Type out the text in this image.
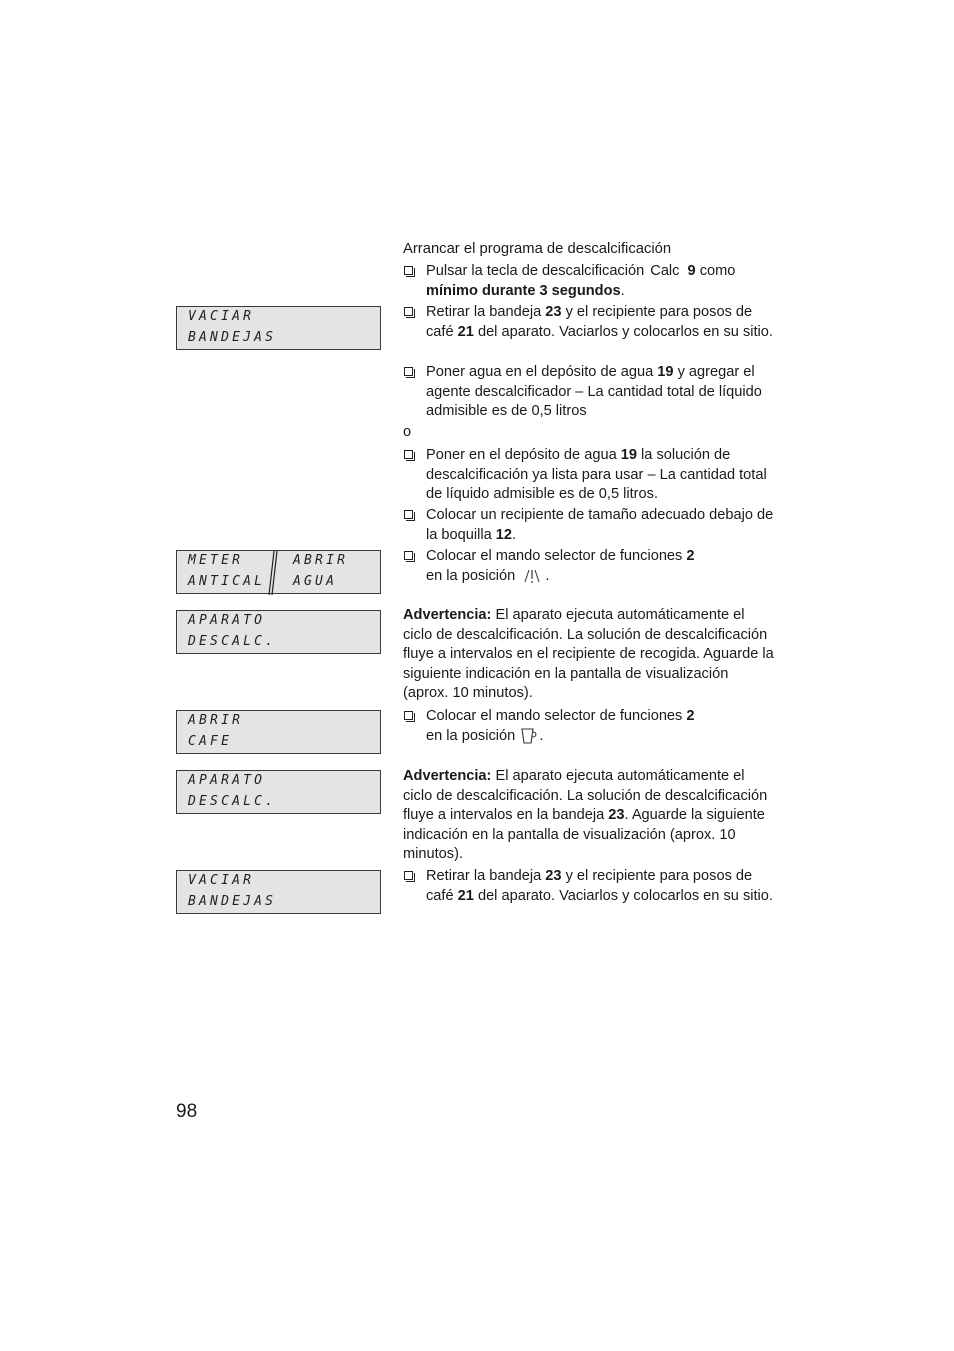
VACIAR
BANDEJAS
METER
ANTICAL
ABRIR
AGUA
APARATO
DESCALC.
ABRIR
CAFE
APARATO
DESCALC.
VACIAR
BANDEJAS
Arrancar el programa de descalcificación
Pulsar la tecla de descalcificación Calc 9 como mínimo durante 3 segundos.
Retirar la bandeja 23 y el recipiente para posos de café 21 del aparato. Vaciarlos y colocarlos en su sitio.
Poner agua en el depósito de agua 19 y agregar el agente descalcificador – La cantidad total de líquido admisible es de 0,5 litros
o
Poner en el depósito de agua 19 la solución de descalcificación ya lista para usar – La cantidad total de líquido admisible es de 0,5 litros.
Colocar un recipiente de tamaño adecuado debajo de la boquilla 12.
Colocar el mando selector de funciones 2
en la posición .
Advertencia: El aparato ejecuta automáticamente el ciclo de descalcificación. La solución de descalcificación fluye a intervalos en el recipiente de recogida. Aguarde la siguiente indicación en la pantalla de visualización (aprox. 10 minutos).
Colocar el mando selector de funciones 2
en la posición .
Advertencia: El aparato ejecuta automáticamente el ciclo de descalcificación. La solución de descalcificación fluye a intervalos en la bandeja 23. Aguarde la siguiente indicación en la pantalla de visualización (aprox. 10 minutos).
Retirar la bandeja 23 y el recipiente para posos de café 21 del aparato. Vaciarlos y colocarlos en su sitio.
98
